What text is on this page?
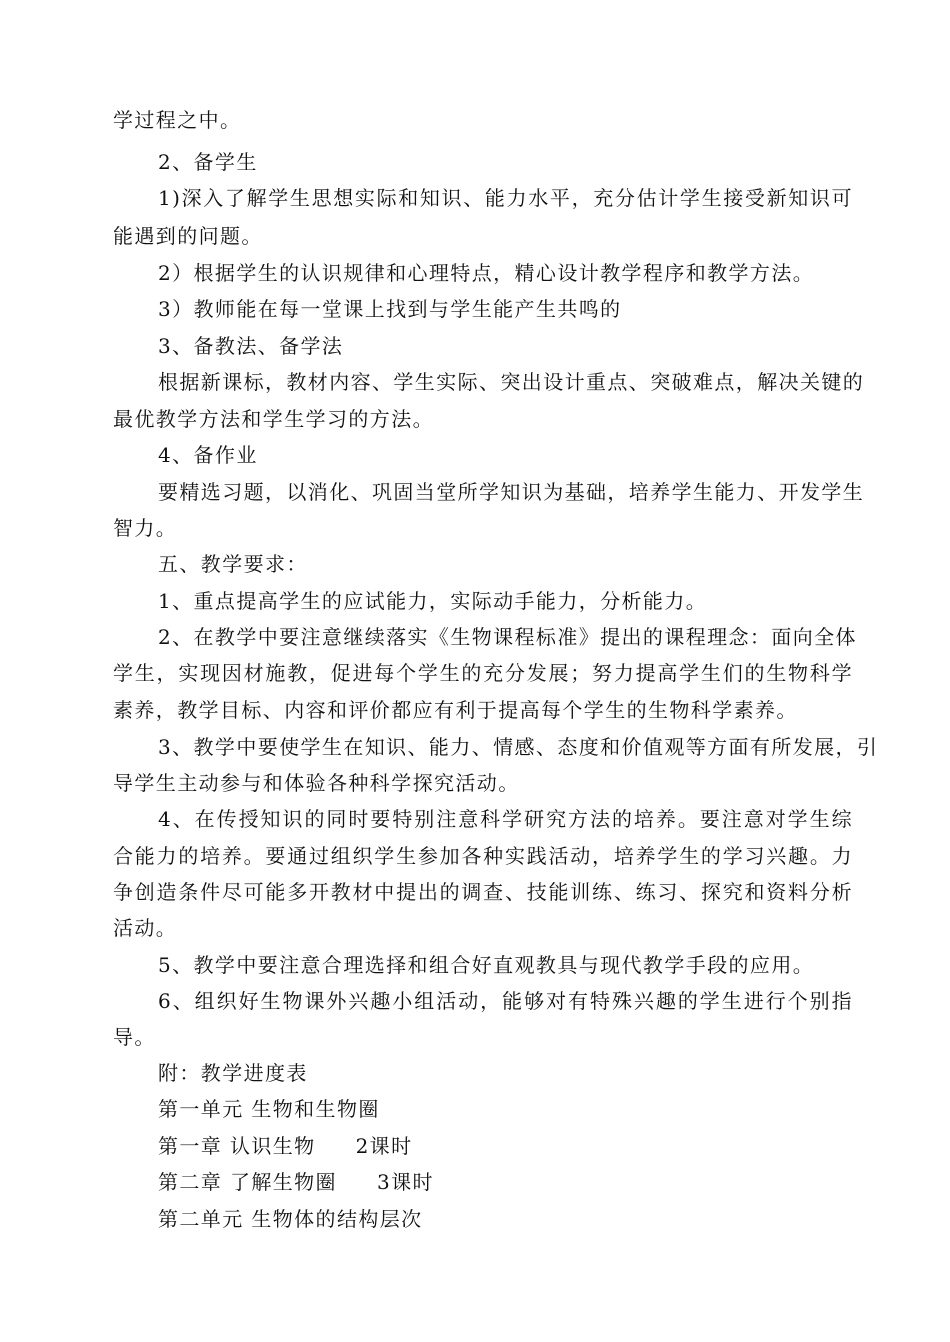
学过程之中。
2、备学生
1)深入了解学生思想实际和知识、能力水平，充分估计学生接受新知识可
能遇到的问题。
2）根据学生的认识规律和心理特点，精心设计教学程序和教学方法。
3）教师能在每一堂课上找到与学生能产生共鸣的
3、备教法、备学法
根据新课标，教材内容、学生实际、突出设计重点、突破难点，解决关键的
最优教学方法和学生学习的方法。
4、备作业
要精选习题，以消化、巩固当堂所学知识为基础，培养学生能力、开发学生
智力。
五、教学要求：
1、重点提高学生的应试能力，实际动手能力，分析能力。
2、在教学中要注意继续落实《生物课程标准》提出的课程理念：面向全体
学生，实现因材施教，促进每个学生的充分发展；努力提高学生们的生物科学
素养，教学目标、内容和评价都应有利于提高每个学生的生物科学素养。
3、教学中要使学生在知识、能力、情感、态度和价值观等方面有所发展，引
导学生主动参与和体验各种科学探究活动。
4、在传授知识的同时要特别注意科学研究方法的培养。要注意对学生综
合能力的培养。要通过组织学生参加各种实践活动，培养学生的学习兴趣。力
争创造条件尽可能多开教材中提出的调查、技能训练、练习、探究和资料分析
活动。
5、教学中要注意合理选择和组合好直观教具与现代教学手段的应用。
6、组织好生物课外兴趣小组活动，能够对有特殊兴趣的学生进行个别指
导。
附：教学进度表
第一单元 生物和生物圈
第一章 认识生物 2课时
第二章 了解生物圈 3课时
第二单元 生物体的结构层次
